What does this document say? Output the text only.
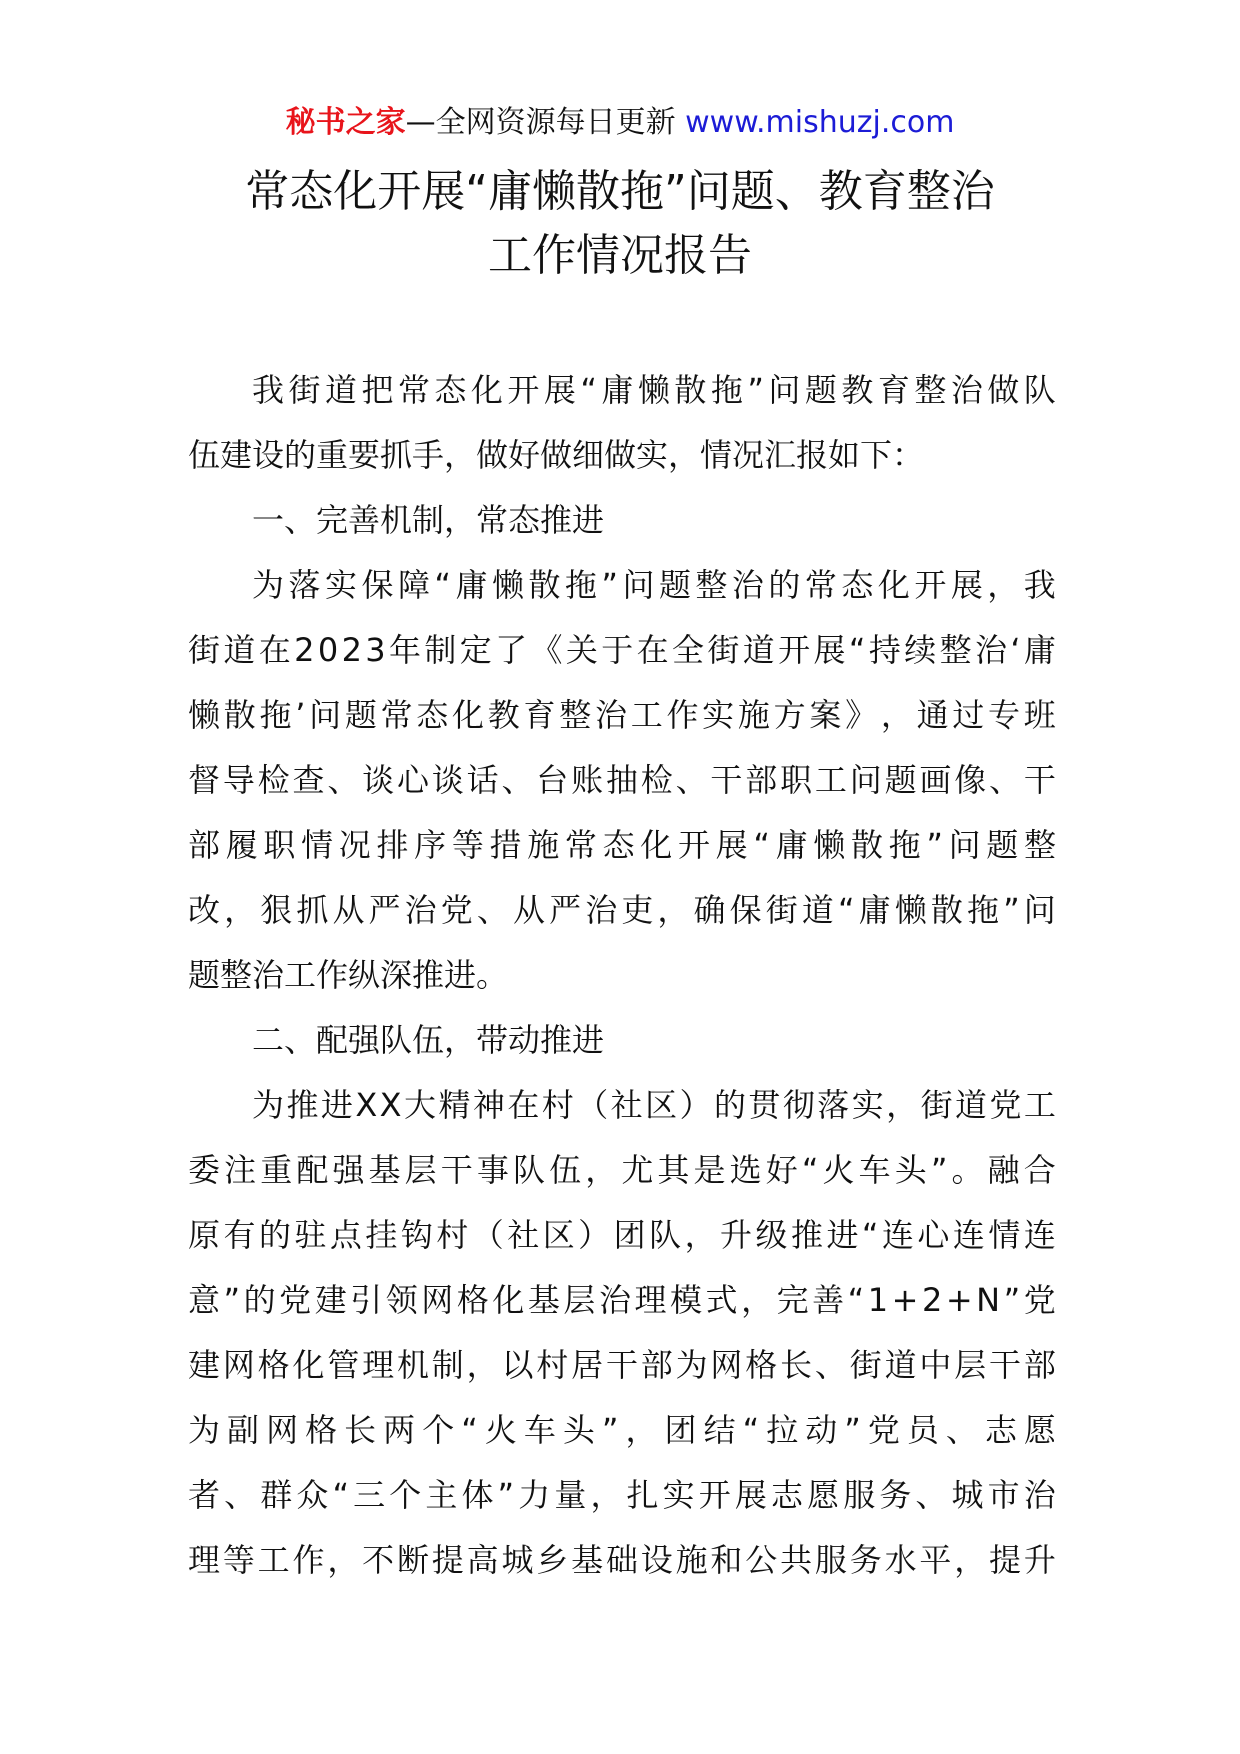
秘书之家—全网资源每日更新 www.mishuzj.com
常态化开展“庸懒散拖”问题、教育整治
工作情况报告
我 街 道 把 常 态 化 开 展 “ 庸 懒 散 拖 ” 问 题 教 育 整 治 做 队
伍建设的重要抓手，做好做细做实，情况汇报如下：
一、完善机制，常态推进
为 落 实 保 障 “ 庸 懒 散 拖 ” 问 题 整 治 的 常 态 化 开 展 ， 我
街 道 在 2 0 2 3 年 制 定 了 《 关 于 在 全 街 道 开 展 “ 持 续 整 治 ‘ 庸
懒 散 拖 ’ 问 题 常 态 化 教 育 整 治 工 作 实 施 方 案 》 ， 通 过 专 班
督 导 检 查 、 谈 心 谈 话 、 台 账 抽 检 、 干 部 职 工 问 题 画 像 、 干
部 履 职 情 况 排 序 等 措 施 常 态 化 开 展 “ 庸 懒 散 拖 ” 问 题 整
改 ， 狠 抓 从 严 治 党 、 从 严 治 吏 ， 确 保 街 道 “ 庸 懒 散 拖 ” 问
题整治工作纵深推进。
二、配强队伍，带动推进
为 推 进 X X 大 精 神 在 村 （ 社 区 ） 的 贯 彻 落 实 ， 街 道 党 工
委 注 重 配 强 基 层 干 事 队 伍 ， 尤 其 是 选 好 “ 火 车 头 ” 。 融 合
原 有 的 驻 点 挂 钩 村 （ 社 区 ） 团 队 ， 升 级 推 进 “ 连 心 连 情 连
意 ” 的 党 建 引 领 网 格 化 基 层 治 理 模 式 ， 完 善 “ 1 + 2 + N ” 党
建 网 格 化 管 理 机 制 ， 以 村 居 干 部 为 网 格 长 、 街 道 中 层 干 部
为 副 网 格 长 两 个 “ 火 车 头 ” ， 团 结 “ 拉 动 ” 党 员 、 志 愿
者 、 群 众 “ 三 个 主 体 ” 力 量 ， 扎 实 开 展 志 愿 服 务 、 城 市 治
理 等 工 作 ， 不 断 提 高 城 乡 基 础 设 施 和 公 共 服 务 水 平 ， 提 升
